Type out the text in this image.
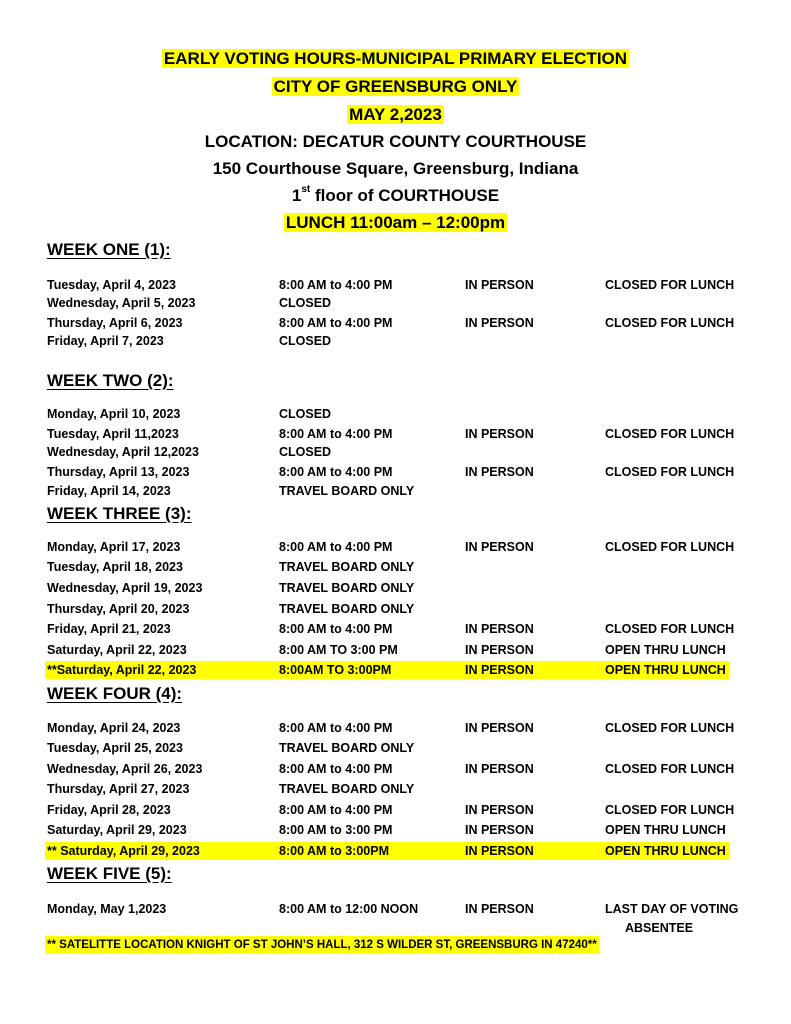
EARLY VOTING HOURS-MUNICIPAL PRIMARY ELECTION
CITY OF GREENSBURG ONLY
MAY 2,2023
LOCATION: DECATUR COUNTY COURTHOUSE
150 Courthouse Square, Greensburg, Indiana
1st floor of COURTHOUSE
LUNCH 11:00am – 12:00pm
WEEK ONE (1):
Tuesday, April 4, 2023	8:00 AM to 4:00 PM	IN PERSON	CLOSED FOR LUNCH
Wednesday, April 5, 2023	CLOSED
Thursday, April 6, 2023	8:00 AM to 4:00 PM	IN PERSON	CLOSED FOR LUNCH
Friday, April 7, 2023	CLOSED
WEEK TWO (2):
Monday, April 10, 2023	CLOSED
Tuesday, April 11,2023	8:00 AM to 4:00 PM	IN PERSON	CLOSED FOR LUNCH
Wednesday, April 12,2023	CLOSED
Thursday, April 13, 2023	8:00 AM to 4:00 PM	IN PERSON	CLOSED FOR LUNCH
Friday, April 14, 2023	TRAVEL BOARD ONLY
WEEK THREE (3):
Monday, April 17, 2023	8:00 AM to 4:00 PM	IN PERSON	CLOSED FOR LUNCH
Tuesday, April 18, 2023	TRAVEL BOARD ONLY
Wednesday, April 19, 2023	TRAVEL BOARD ONLY
Thursday, April 20, 2023	TRAVEL BOARD ONLY
Friday, April 21, 2023	8:00 AM to 4:00 PM	IN PERSON	CLOSED FOR LUNCH
Saturday, April 22, 2023	8:00 AM TO 3:00 PM	IN PERSON	OPEN THRU LUNCH
**Saturday, April 22, 2023	8:00AM TO 3:00PM	IN PERSON	OPEN THRU LUNCH
WEEK FOUR (4):
Monday, April 24, 2023	8:00 AM to 4:00 PM	IN PERSON	CLOSED FOR LUNCH
Tuesday, April 25, 2023	TRAVEL BOARD ONLY
Wednesday, April 26, 2023	8:00 AM to 4:00 PM	IN PERSON	CLOSED FOR LUNCH
Thursday, April 27, 2023	TRAVEL BOARD ONLY
Friday, April 28, 2023	8:00 AM to 4:00 PM	IN PERSON	CLOSED FOR LUNCH
Saturday, April 29, 2023	8:00 AM to 3:00 PM	IN PERSON	OPEN THRU LUNCH
** Saturday, April 29, 2023	8:00 AM to 3:00PM	IN PERSON	OPEN THRU LUNCH
WEEK FIVE (5):
Monday, May 1,2023	8:00 AM to 12:00 NOON	IN PERSON	LAST DAY OF VOTING
ABSENTEE
** SATELITTE LOCATION KNIGHT OF ST JOHN’S HALL, 312 S WILDER ST, GREENSBURG IN 47240**
